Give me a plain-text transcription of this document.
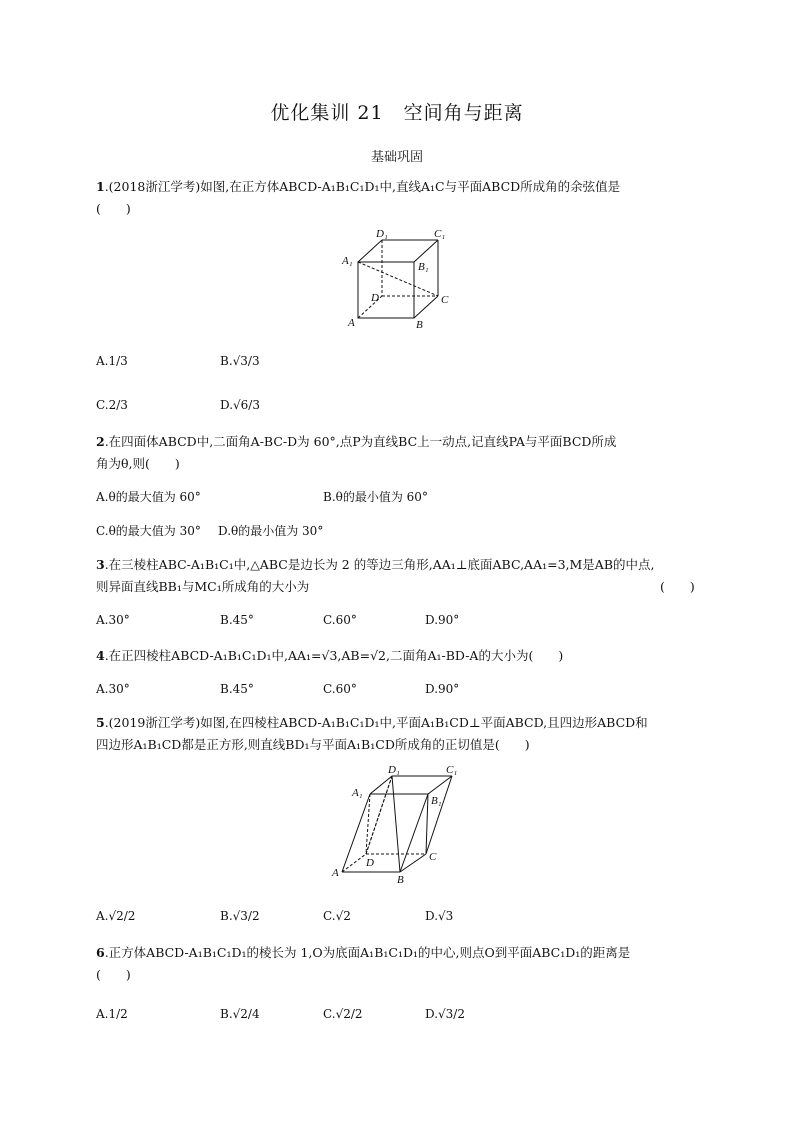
优化集训 21　空间角与距离
基础巩固
1.(2018浙江学考)如图,在正方体ABCD-A₁B₁C₁D₁中,直线A₁C与平面ABCD所成角的余弦值是
(　　)
D₁	C₁
A₁	B₁
D	C
A	B
A.1/3	B.√3/3
C.2/3	D.√6/3
2.在四面体ABCD中,二面角A-BC-D为 60°,点P为直线BC上一动点,记直线PA与平面BCD所成
角为θ,则(　　)
A.θ的最大值为 60°	B.θ的最小值为 60°
C.θ的最大值为 30° D.θ的最小值为 30°
3.在三棱柱ABC-A₁B₁C₁中,△ABC是边长为 2 的等边三角形,AA₁⊥底面ABC,AA₁=3,M是AB的中点,
则异面直线BB₁与MC₁所成角的大小为	(　　)
A.30°	B.45°	C.60°	D.90°
4.在正四棱柱ABCD-A₁B₁C₁D₁中,AA₁=√3,AB=√2,二面角A₁-BD-A的大小为(　　)
A.30°	B.45°	C.60°	D.90°
5.(2019浙江学考)如图,在四棱柱ABCD-A₁B₁C₁D₁中,平面A₁B₁CD⊥平面ABCD,且四边形ABCD和
四边形A₁B₁CD都是正方形,则直线BD₁与平面A₁B₁CD所成角的正切值是(　　)
D₁	C₁
A₁
B₁
D	C
A
B
A.√2/2	B.√3/2	C.√2	D.√3
6.正方体ABCD-A₁B₁C₁D₁的棱长为 1,O为底面A₁B₁C₁D₁的中心,则点O到平面ABC₁D₁的距离是
(　　)
A.1/2	B.√2/4	C.√2/2	D.√3/2
